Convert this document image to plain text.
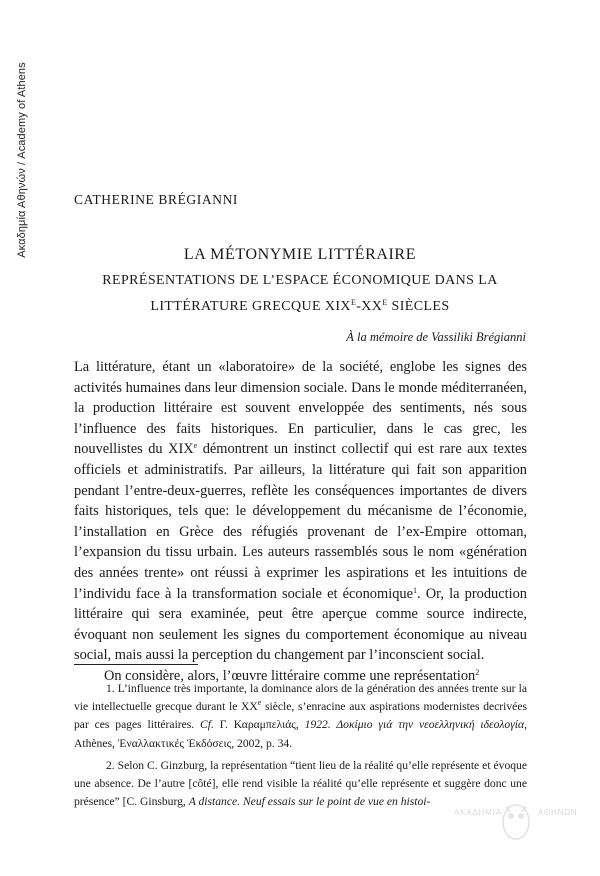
Ακαδημία Αθηνών / Academy of Athens	CATHERINE BRÉGIANNI
LA MÉTONYMIE LITTÉRAIRE
REPRÉSENTATIONS DE L’ESPACE ÉCONOMIQUE DANS LA
LITTÉRATURE GRECQUE $XIX^E-XX^E$ SIÈCLES
À la mémoire de Vassiliki Brégianni

La littérature, étant un «laboratoire» de la société, englobe les signes des activités humaines dans leur dimension sociale. Dans le monde méditerranéen, la production littéraire est souvent enveloppée des sentiments, nés sous l’influence des faits historiques. En particulier, dans le cas grec, les nouvellistes du XIXe démontrent un instinct collectif qui est rare aux textes officiels et administratifs. Par ailleurs, la littérature qui fait son apparition pendant l’entre-deux-guerres, reflète les conséquences importantes de divers faits historiques, tels que: le développement du mécanisme de l’économie, l’installation en Grèce des réfugiés provenant de l’ex-Empire ottoman, l’expansion du tissu urbain. Les auteurs rassemblés sous le nom «génération des années trente» ont réussi à exprimer les aspirations et les intuitions de l’individu face à la transformation sociale et économique$^1$. Or, la production littéraire qui sera examinée, peut être aperçue comme source indirecte, évoquant non seulement les signes du comportement économique au niveau social, mais aussi la perception du changement par l’inconscient social.

On considère, alors, l’œuvre littéraire comme une représentation$^2$

1. L’influence très importante, la dominance alors de la génération des années trente sur la vie intellectuelle grecque durant le XXe siècle, s’enracine aux aspirations modernistes decrivées par ces pages littéraires. Cf. Γ. Καραμπελιάς, 1922. Δοκίμιο γιά την νεοελληνική ιδεολογία, Athènes, Ἐναλλακτικές Ἐκδόσεις, 2002, p. 34.

2. Selon C. Ginzburg, la représentation “tient lieu de la réalité qu’elle représente et évoque une absence. De l’autre [côté], elle rend visible la réalité qu’elle représente et suggère donc une présence” [C. Ginsburg, A distance. Neuf essais sur le point de vue en histoi-

ΑΚΑΔΗΜΙΑ	ΑΘΗΝΩΝ
